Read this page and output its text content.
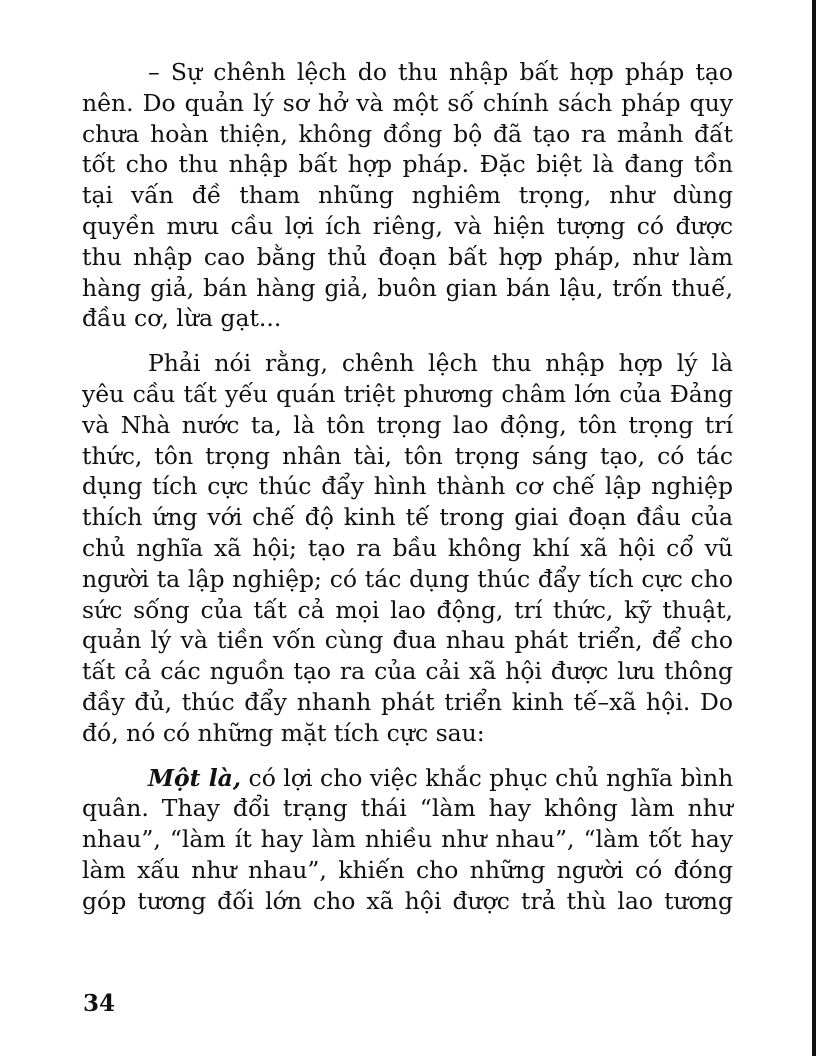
– Sự chênh lệch do thu nhập bất hợp pháp tạo
nên. Do quản lý sơ hở và một số chính sách pháp quy
chưa hoàn thiện, không đồng bộ đã tạo ra mảnh đất
tốt cho thu nhập bất hợp pháp. Đặc biệt là đang tồn
tại vấn đề tham nhũng nghiêm trọng, như dùng
quyền mưu cầu lợi ích riêng, và hiện tượng có được
thu nhập cao bằng thủ đoạn bất hợp pháp, như làm
hàng giả, bán hàng giả, buôn gian bán lậu, trốn thuế,
đầu cơ, lừa gạt...

Phải nói rằng, chênh lệch thu nhập hợp lý là
yêu cầu tất yếu quán triệt phương châm lớn của Đảng
và Nhà nước ta, là tôn trọng lao động, tôn trọng trí
thức, tôn trọng nhân tài, tôn trọng sáng tạo, có tác
dụng tích cực thúc đẩy hình thành cơ chế lập nghiệp
thích ứng với chế độ kinh tế trong giai đoạn đầu của
chủ nghĩa xã hội; tạo ra bầu không khí xã hội cổ vũ
người ta lập nghiệp; có tác dụng thúc đẩy tích cực cho
sức sống của tất cả mọi lao động, trí thức, kỹ thuật,
quản lý và tiền vốn cùng đua nhau phát triển, để cho
tất cả các nguồn tạo ra của cải xã hội được lưu thông
đầy đủ, thúc đẩy nhanh phát triển kinh tế–xã hội. Do
đó, nó có những mặt tích cực sau:

Một là, có lợi cho việc khắc phục chủ nghĩa bình
quân. Thay đổi trạng thái “làm hay không làm như
nhau”, “làm ít hay làm nhiều như nhau”, “làm tốt hay
làm xấu như nhau”, khiến cho những người có đóng
góp tương đối lớn cho xã hội được trả thù lao tương

34
